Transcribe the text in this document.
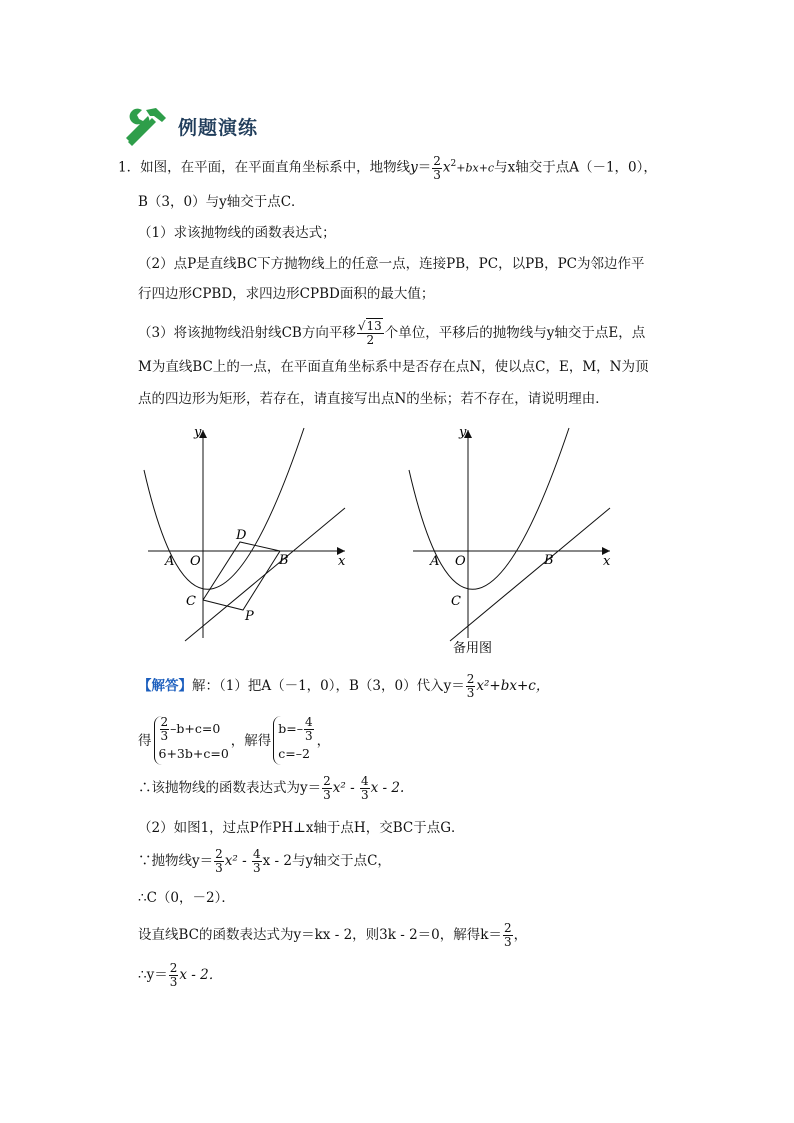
例题演练
1．如图，在平面，在平面直角坐标系中，地物线$y= \frac{2}{3} x^2+bx+c$与x轴交于点A（－1，0），
B（3，0）与y轴交于点C．
（1）求该抛物线的函数表达式；
（2）点P是直线BC下方抛物线上的任意一点，连接PB，PC，以PB，PC为邻边作平
行四边形CPBD，求四边形CPBD面积的最大值；
（3）将该抛物线沿射线CB方向平移 $\frac{√13}{2}$ 个单位，平移后的抛物线与y轴交于点E，点
M为直线BC上的一点，在平面直角坐标系中是否存在点N，使以点C，E，M，N为顶
点的四边形为矩形，若存在，请直接写出点N的坐标；若不存在，请说明理由．
y
x
A O	B
C
D
P
y
x
A O	B
C
备用图
【解答】解：（1）把A（－1，0），B（3，0）代入$y= \frac{2}{3} x^2+bx+c$，
得 $\frac{2}{3} -b+c=0$
6+3b+c=0
，解得
$b=- \frac{4}{3}$
c=–2
，
∴该抛物线的函数表达式为$y= \frac{2}{3} x^2 - \frac{4}{3}$ x - 2.
（2）如图1，过点P作PH⊥x轴于点H，交BC于点G．
∵抛物线$y= \frac{2}{3} x^2 - \frac{4}{3}$ x - 2与y轴交于点C，
∴C（0，－2）．
设直线BC的函数表达式为y＝kx - 2，则3k - 2＝0，解得$k= \frac{2}{3}$ ，
∴y＝ $\frac{2}{3}$ x - 2．
